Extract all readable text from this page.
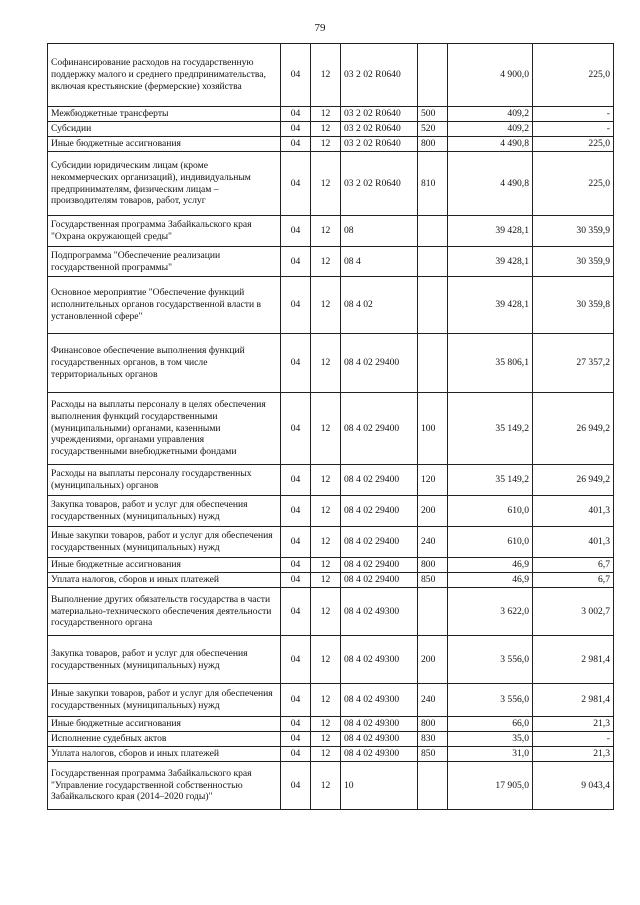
79
Софинансирование расходов на государственную поддержку малого и среднего предпринимательства, включая крестьянские (фермерские) хозяйства	04	12	03 2 02 R0640		4 900,0	225,0
Межбюджетные трансферты	04	12	03 2 02 R0640	500	409,2	-
Субсидии	04	12	03 2 02 R0640	520	409,2	-
Иные бюджетные ассигнования	04	12	03 2 02 R0640	800	4 490,8	225,0
Субсидии юридическим лицам (кроме некоммерческих организаций), индивидуальным предпринимателям, физическим лицам – производителям товаров, работ, услуг	04	12	03 2 02 R0640	810	4 490,8	225,0
Государственная программа Забайкальского края "Охрана окружающей среды"	04	12	08		39 428,1	30 359,9
Подпрограмма "Обеспечение реализации государственной программы"	04	12	08 4		39 428,1	30 359,9
Основное мероприятие "Обеспечение функций исполнительных органов государственной власти в установленной сфере"	04	12	08 4 02		39 428,1	30 359,8
Финансовое обеспечение выполнения функций государственных органов, в том числе территориальных органов	04	12	08 4 02 29400		35 806,1	27 357,2
Расходы на выплаты персоналу в целях обеспечения выполнения функций государственными (муниципальными) органами, казенными учреждениями, органами управления государственными внебюджетными фондами	04	12	08 4 02 29400	100	35 149,2	26 949,2
Расходы на выплаты персоналу государственных (муниципальных) органов	04	12	08 4 02 29400	120	35 149,2	26 949,2
Закупка товаров, работ и услуг для обеспечения государственных (муниципальных) нужд	04	12	08 4 02 29400	200	610,0	401,3
Иные закупки товаров, работ и услуг для обеспечения государственных (муниципальных) нужд	04	12	08 4 02 29400	240	610,0	401,3
Иные бюджетные ассигнования	04	12	08 4 02 29400	800	46,9	6,7
Уплата налогов, сборов и иных платежей	04	12	08 4 02 29400	850	46,9	6,7
Выполнение других обязательств государства в части материально-технического обеспечения деятельности государственного органа	04	12	08 4 02 49300		3 622,0	3 002,7
Закупка товаров, работ и услуг для обеспечения государственных (муниципальных) нужд	04	12	08 4 02 49300	200	3 556,0	2 981,4
Иные закупки товаров, работ и услуг для обеспечения государственных (муниципальных) нужд	04	12	08 4 02 49300	240	3 556,0	2 981,4
Иные бюджетные ассигнования	04	12	08 4 02 49300	800	66,0	21,3
Исполнение судебных актов	04	12	08 4 02 49300	830	35,0	-
Уплата налогов, сборов и иных платежей	04	12	08 4 02 49300	850	31,0	21,3
Государственная программа Забайкальского края "Управление государственной собственностью Забайкальского края (2014–2020 годы)"	04	12	10		17 905,0	9 043,4
